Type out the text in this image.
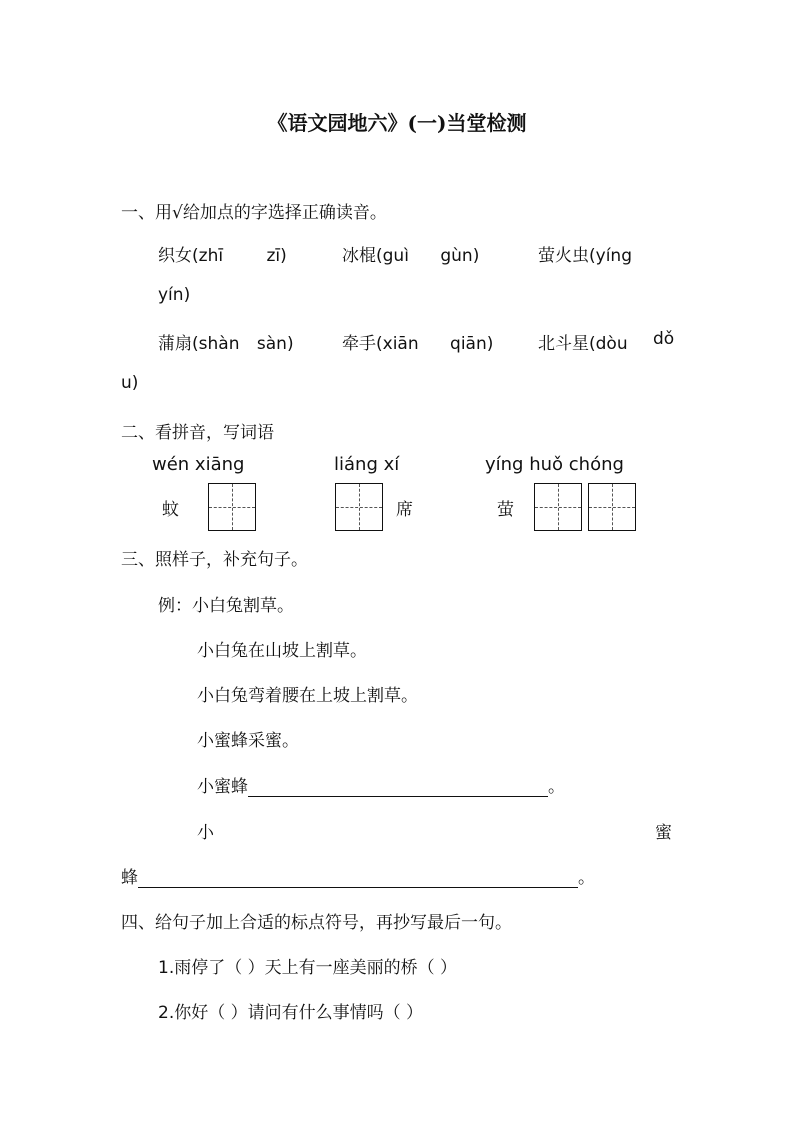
《语文园地六》(一)当堂检测
一、用√给加点的字选择正确读音。
织女(zhī	zī)	冰棍(guì gùn)	萤火虫(yíng
yín)
蒲扇(shàn sàn)	牵手(xiān qiān)	北斗星(dòu dǒ
u)
二、看拼音，写词语
wén xiāng	liáng xí	yíng huǒ chóng
蚊	席	萤
三、照样子，补充句子。
例：小白兔割草。
小白兔在山坡上割草。
小白兔弯着腰在上坡上割草。
小蜜蜂采蜜。
小蜜蜂	。
小	蜜
蜂	。
四、给句子加上合适的标点符号，再抄写最后一句。
1.雨停了（ ）天上有一座美丽的桥（ ）
2.你好（ ）请问有什么事情吗（ ）
